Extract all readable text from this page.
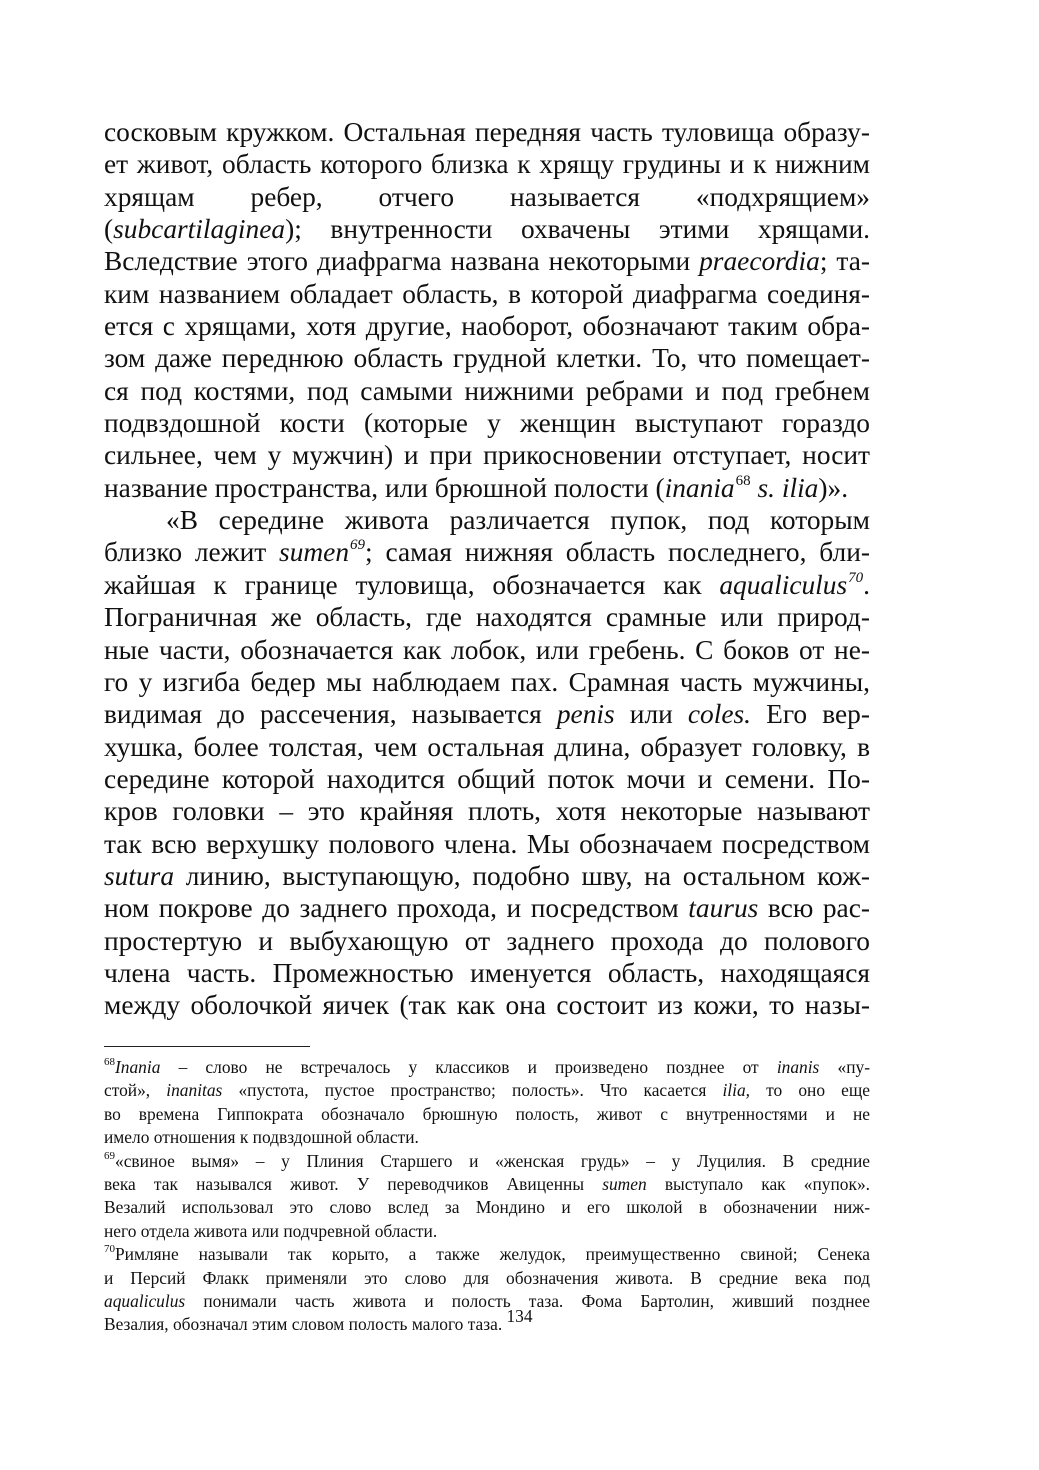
сосковым кружком. Остальная передняя часть туловища образу-
ет живот, область которого близка к хрящу грудины и к нижним
хрящам ребер, отчего называется «подхрящием»
(subcartilaginea); внутренности охвачены этими хрящами.
Вследствие этого диафрагма названа некоторыми praecordia; та-
ким названием обладает область, в которой диафрагма соединя-
ется с хрящами, хотя другие, наоборот, обозначают таким обра-
зом даже переднюю область грудной клетки. То, что помещает-
ся под костями, под самыми нижними ребрами и под гребнем
подвздошной кости (которые у женщин выступают гораздо
сильнее, чем у мужчин) и при прикосновении отступает, носит
название пространства, или брюшной полости (inania$^{68}$ s. ilia)».
«В середине живота различается пупок, под которым
близко лежит sumen$^{69}$; самая нижняя область последнего, бли-
жайшая к границе туловища, обозначается как aqualiculus$^{70}$.
Пограничная же область, где находятся срамные или природ-
ные части, обозначается как лобок, или гребень. С боков от не-
го у изгиба бедер мы наблюдаем пах. Срамная часть мужчины,
видимая до рассечения, называется penis или coles. Его вер-
хушка, более толстая, чем остальная длина, образует головку, в
середине которой находится общий поток мочи и семени. По-
кров головки – это крайняя плоть, хотя некоторые называют
так всю верхушку полового члена. Мы обозначаем посредством
sutura линию, выступающую, подобно шву, на остальном кож-
ном покрове до заднего прохода, и посредством taurus всю рас-
простертую и выбухающую от заднего прохода до полового
члена часть. Промежностью именуется область, находящаяся
между оболочкой яичек (так как она состоит из кожи, то назы-
$^{68}$Inania – слово не встречалось у классиков и произведено позднее от inanis «пу-
стой», inanitas «пустота, пустое пространство; полость». Что касается ilia, то оно еще
во времена Гиппократа обозначало брюшную полость, живот с внутренностями и не
имело отношения к подвздошной области.
$^{69}$«свиное вымя» – у Плиния Старшего и «женская грудь» – у Луцилия. В средние
века так назывался живот. У переводчиков Авиценны sumen выступало как «пупок».
Везалий использовал это слово вслед за Мондино и его школой в обозначении ниж-
него отдела живота или подчревной области.
$^{70}$Римляне называли так корыто, а также желудок, преимущественно свиной; Сенека
и Персий Флакк применяли это слово для обозначения живота. В средние века под
aqualiculus понимали часть живота и полость таза. Фома Бартолин, живший позднее
Везалия, обозначал этим словом полость малого таза. 134
